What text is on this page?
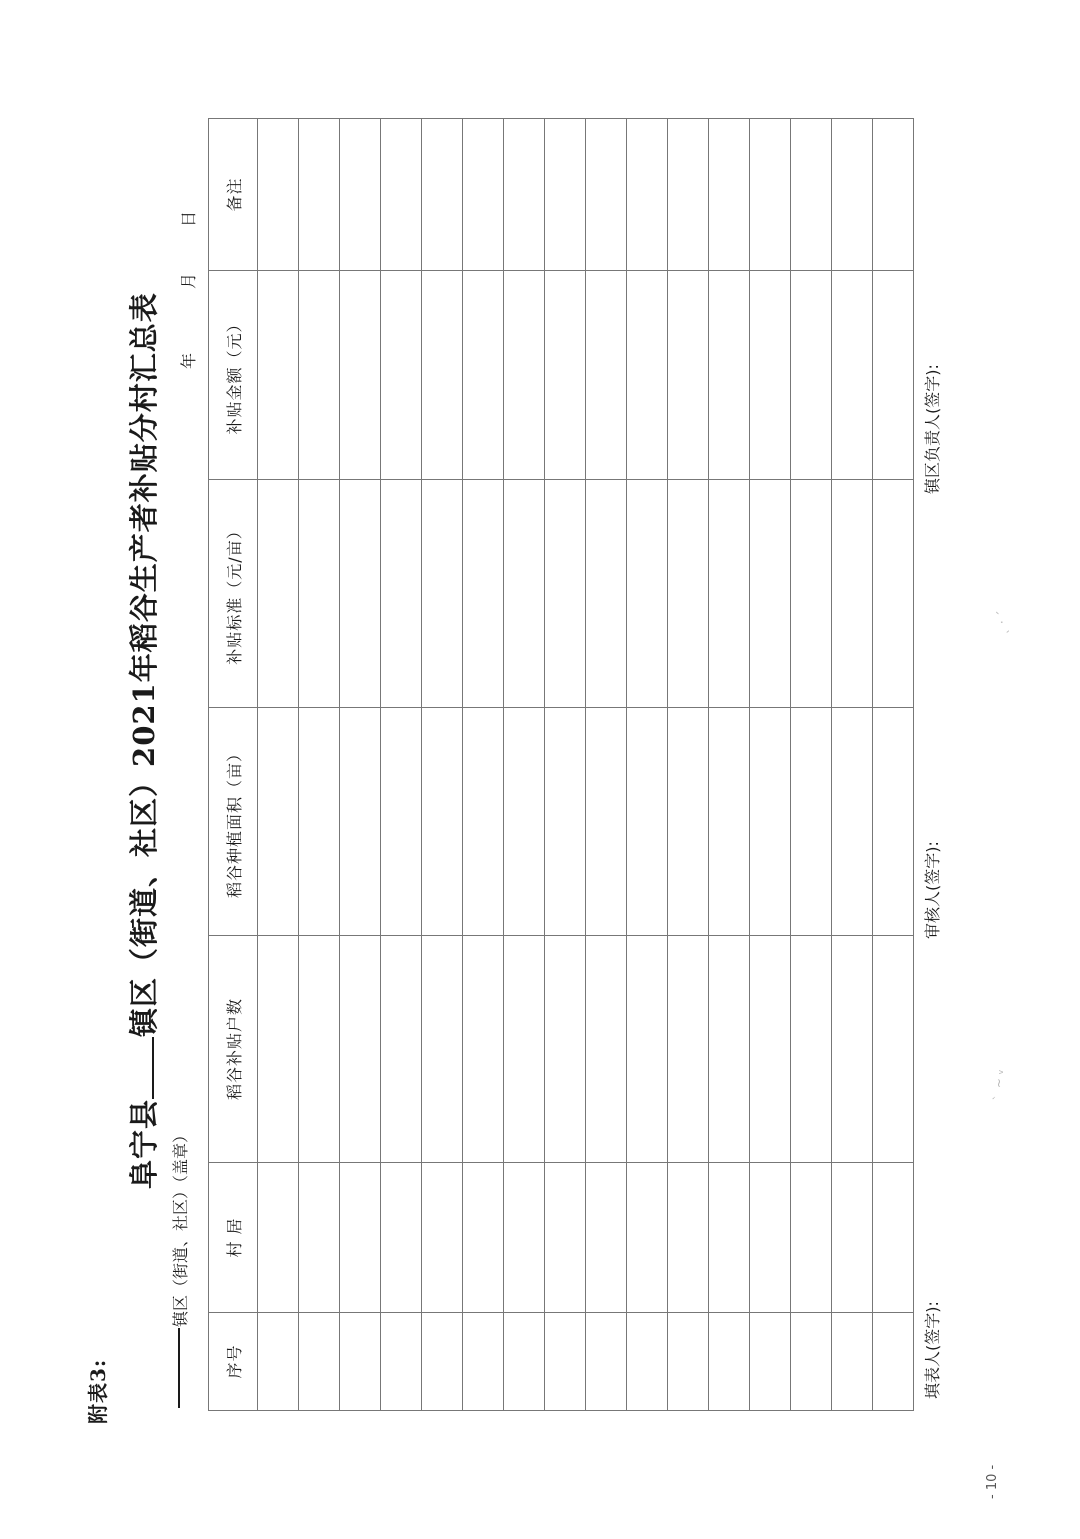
附表3:
阜宁县镇区（街道、社区）2021年稻谷生产者补贴分村汇总表
镇区（街道、社区）（盖章）
年
月
日
序号	村 居	稻谷补贴户数	稻谷种植面积（亩）	补贴标准（元/亩）	补贴金额（元）	备注

填表人(签字):
审核人(签字):
镇区负责人(签字):
- 10 -
｀ ~ ᵥ
ˎ · ˊ
